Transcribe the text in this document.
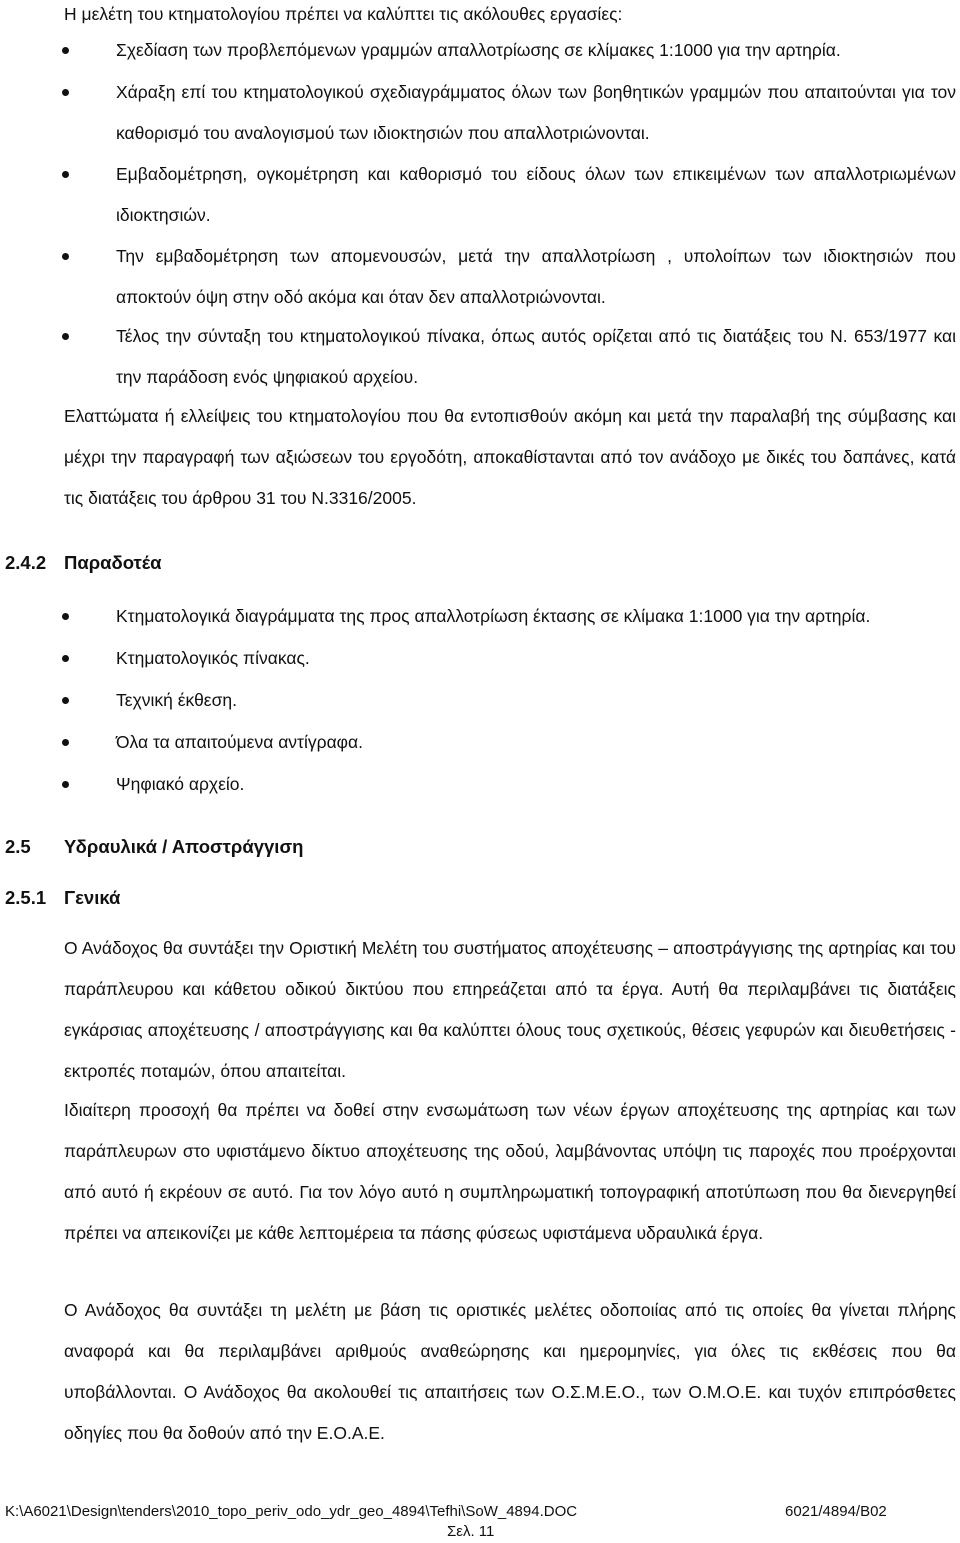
Η μελέτη του κτηματολογίου πρέπει να καλύπτει τις ακόλουθες εργασίες:

Σχεδίαση των προβλεπόμενων γραμμών απαλλοτρίωσης σε κλίμακες 1:1000 για την αρτηρία.

Χάραξη επί του κτηματολογικού σχεδιαγράμματος όλων των βοηθητικών γραμμών που απαιτούνται για τον καθορισμό του αναλογισμού των ιδιοκτησιών που απαλλοτριώνονται.

Εμβαδομέτρηση, ογκομέτρηση και καθορισμό του είδους όλων των επικειμένων των απαλλοτριωμένων ιδιοκτησιών.

Την εμβαδομέτρηση των απομενουσών, μετά την απαλλοτρίωση , υπολοίπων των ιδιοκτησιών που αποκτούν όψη στην οδό ακόμα και όταν δεν απαλλοτριώνονται.

Τέλος την σύνταξη του κτηματολογικού πίνακα, όπως αυτός ορίζεται από τις διατάξεις του Ν. 653/1977 και την παράδοση ενός ψηφιακού αρχείου.

Ελαττώματα ή ελλείψεις του κτηματολογίου που θα εντοπισθούν ακόμη και μετά την παραλαβή της σύμβασης και μέχρι την παραγραφή των αξιώσεων του εργοδότη, αποκαθίστανται από τον ανάδοχο με δικές του δαπάνες, κατά τις διατάξεις του άρθρου 31 του Ν.3316/2005.

2.4.2 Παραδοτέα

Κτηματολογικά διαγράμματα της προς απαλλοτρίωση έκτασης σε κλίμακα 1:1000 για την αρτηρία.

Κτηματολογικός πίνακας.

Τεχνική έκθεση.

Όλα τα απαιτούμενα αντίγραφα.

Ψηφιακό αρχείο.

2.5 Υδραυλικά / Αποστράγγιση
2.5.1 Γενικά

Ο Ανάδοχος θα συντάξει την Οριστική Μελέτη του συστήματος αποχέτευσης – αποστράγγισης της αρτηρίας και του παράπλευρου και κάθετου οδικού δικτύου που επηρεάζεται από τα έργα. Αυτή θα περιλαμβάνει τις διατάξεις εγκάρσιας αποχέτευσης / αποστράγγισης και θα καλύπτει όλους τους σχετικούς, θέσεις γεφυρών και διευθετήσεις - εκτροπές ποταμών, όπου απαιτείται.

Ιδιαίτερη προσοχή θα πρέπει να δοθεί στην ενσωμάτωση των νέων έργων αποχέτευσης της αρτηρίας και των παράπλευρων στο υφιστάμενο δίκτυο αποχέτευσης της οδού, λαμβάνοντας υπόψη τις παροχές που προέρχονται από αυτό ή εκρέουν σε αυτό. Για τον λόγο αυτό η συμπληρωματική τοπογραφική αποτύπωση που θα διενεργηθεί πρέπει να απεικονίζει με κάθε λεπτομέρεια τα πάσης φύσεως υφιστάμενα υδραυλικά έργα.

Ο Ανάδοχος θα συντάξει τη μελέτη με βάση τις οριστικές μελέτες οδοποιίας από τις οποίες θα γίνεται πλήρης αναφορά και θα περιλαμβάνει αριθμούς αναθεώρησης και ημερομηνίες, για όλες τις εκθέσεις που θα υποβάλλονται. Ο Ανάδοχος θα ακολουθεί τις απαιτήσεις των Ο.Σ.Μ.Ε.Ο., των Ο.Μ.Ο.Ε. και τυχόν επιπρόσθετες οδηγίες που θα δοθούν από την Ε.Ο.Α.Ε.

K:\A6021\Design\tenders\2010_topo_periv_odo_ydr_geo_4894\Tefhi\SoW_4894.DOC	6021/4894/B02
Σελ. 11
